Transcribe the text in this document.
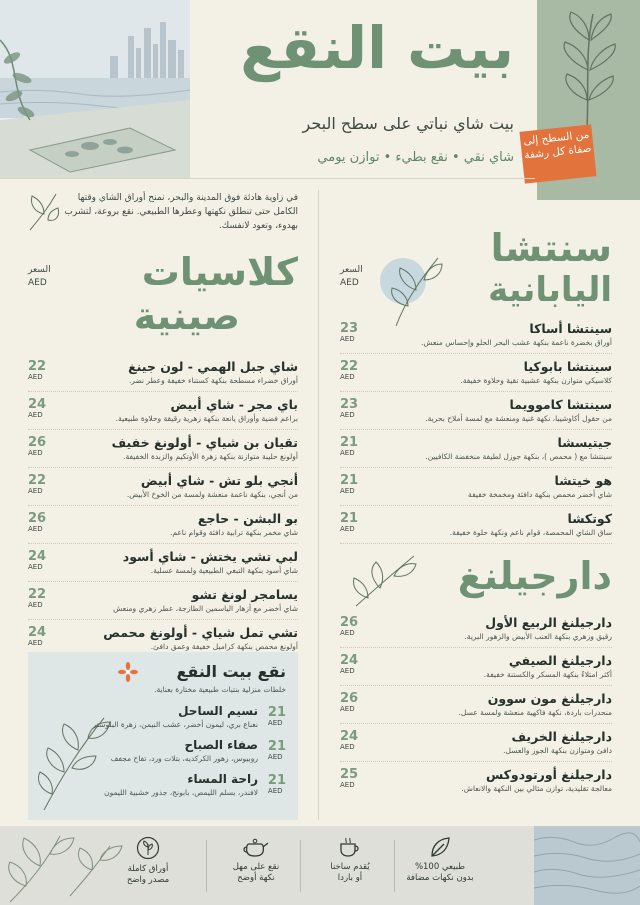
بيت النقع
بيت شاي نباتي على سطح البحر
شاي نقي • نقع بطيء • توازن يومي
من السطح إلى صفاة كل رشفة
سنتشا
اليابانية
السعر
AED
سينتشا أساكا
أوراق بخضرة ناعمة بنكهة عشب البحر الحلو وإحساس منعش.
23
AED
سينتشا بابوكيا
كلاسيكي متوازن بنكهة عشبية نقية وحلاوة خفيفة.
22
AED
سينتشا كاموويما
من حقول أكاوشيبا، نكهة غنية ومنعشة مع لمسة أملاح بحرية.
23
AED
جيتيسشا
سينتشا مع ( محمص )، بنكهة جوزل لطيفة منخفضة الكافيين.
21
AED
هو خيتشا
شاي أخضر محمص بنكهة دافئة ومخمخة خفيفة
21
AED
كوتكشا
ساق الشاي المحمصة، قوام ناعم ونكهة حلوة خفيفة.
21
AED
دارجيلنغ
دارجيلنغ الربيع الأول
رقيق وزهري بنكهة العنب الأبيض والزهور البرية.
26
AED
دارجيلنغ الصيفي
أكثر امتلاءً بنكهة المسكر والكستنة خفيفة.
24
AED
دارجيلنغ مون سوون
منحدرات باردة، نكهة فاكهية منعشة ولمسة عسل.
26
AED
دارجيلنغ الخريف
دافئ ومتوازن بنكهة الجوز والعسل.
24
AED
دارجيلنغ أورتودوكس
معالجة تقليدية، توازن مثالي بين النكهة والانعاش.
25
AED
في زاوية هادئة فوق المدينة والبحر، نمنح أوراق الشاي وقتها الكامل حتى تنطلق نكهتها وعطرها الطبيعي. نقع بروعة، لتشرب بهدوء، وتعود لانفسك.
كلاسيات
صينية
السعر
AED
شاي جبل الهمي - لون جينغ
أوراق خضراء مسطحة بنكهة كستناء خفيفة وعطر نضر.
22
AED
باي مجر - شاي أبيض
براعم فضية وأوراق يانعة بنكهة زهرية رقيقة وحلاوة طبيعية.
24
AED
تقيان بن شياي - أولونغ خفيف
أولونغ حليبة متوازنة بنكهة زهرة الأوتكيم والزبدة الخفيفة.
26
AED
أنجي بلو تش - شاي أبيض
من أنجي، بنكهة ناعمة منعشة ولمسة من الخوخ الأبيض.
22
AED
بو البشن - حاجع
شاي مخمر بنكهة ترابية دافئة وقوام ناعم.
26
AED
لبي تشي يختش - شاي أسود
شاي أسود بنكهة التبغي الطبيعية ولمسة عسلية.
24
AED
يسامجر لونغ تشو
شاي أخضر مع أزهار الياسمين الطازجة، عطر زهري ومنعش
22
AED
تشي تمل شياي - أولونغ محمص
أولونغ محمص بنكهة كراميل خفيفة وعمق دافئ.
24
AED
نقع بيت النقع
خلطات منزلية بنتبات طبيعية مختارة بعناية.
نسيم الساحل
نعناع بري، ليمون أخضر، عشب النيمن، زهرة البلوستر
21
AED
صفاء الصباح
روبيوس، زهور الكركديه، بتلات ورد، تفاح مجفف
21
AED
راحة المساء
لافندر، بسلم الليمص، بابونج، جذور خشبية الليمون
21
AED
طبيعي 100%
بدون نكهات مضافة
يُقدم ساخنا
أو باردا
نقع على مهل
نكهة أوضح
أوراق كاملة
مصدر واضح
